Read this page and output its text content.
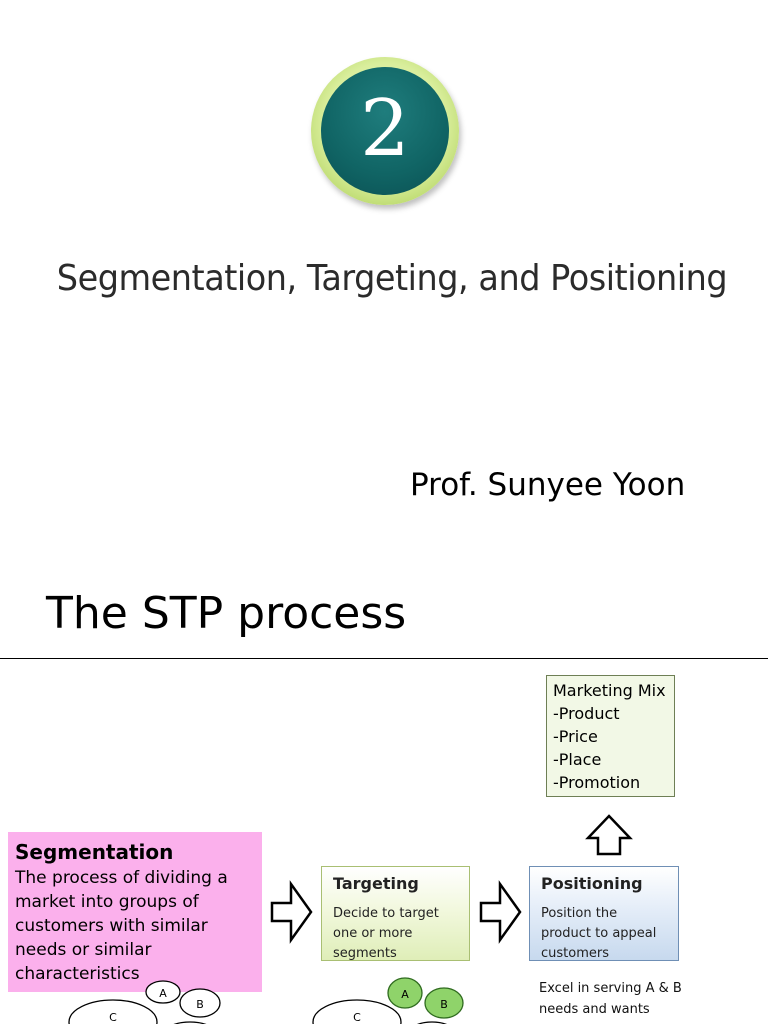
2
Segmentation, Targeting, and Positioning
Prof. Sunyee Yoon
The STP process
Marketing Mix
-Product
-Price
-Place
-Promotion
Segmentation
The process of dividing a market into groups of customers with similar needs or similar characteristics
Targeting
Decide to target one or more segments
Positioning
Position the product to appeal customers
Excel in serving A & B needs and wants
A
B
C
A
B
C
